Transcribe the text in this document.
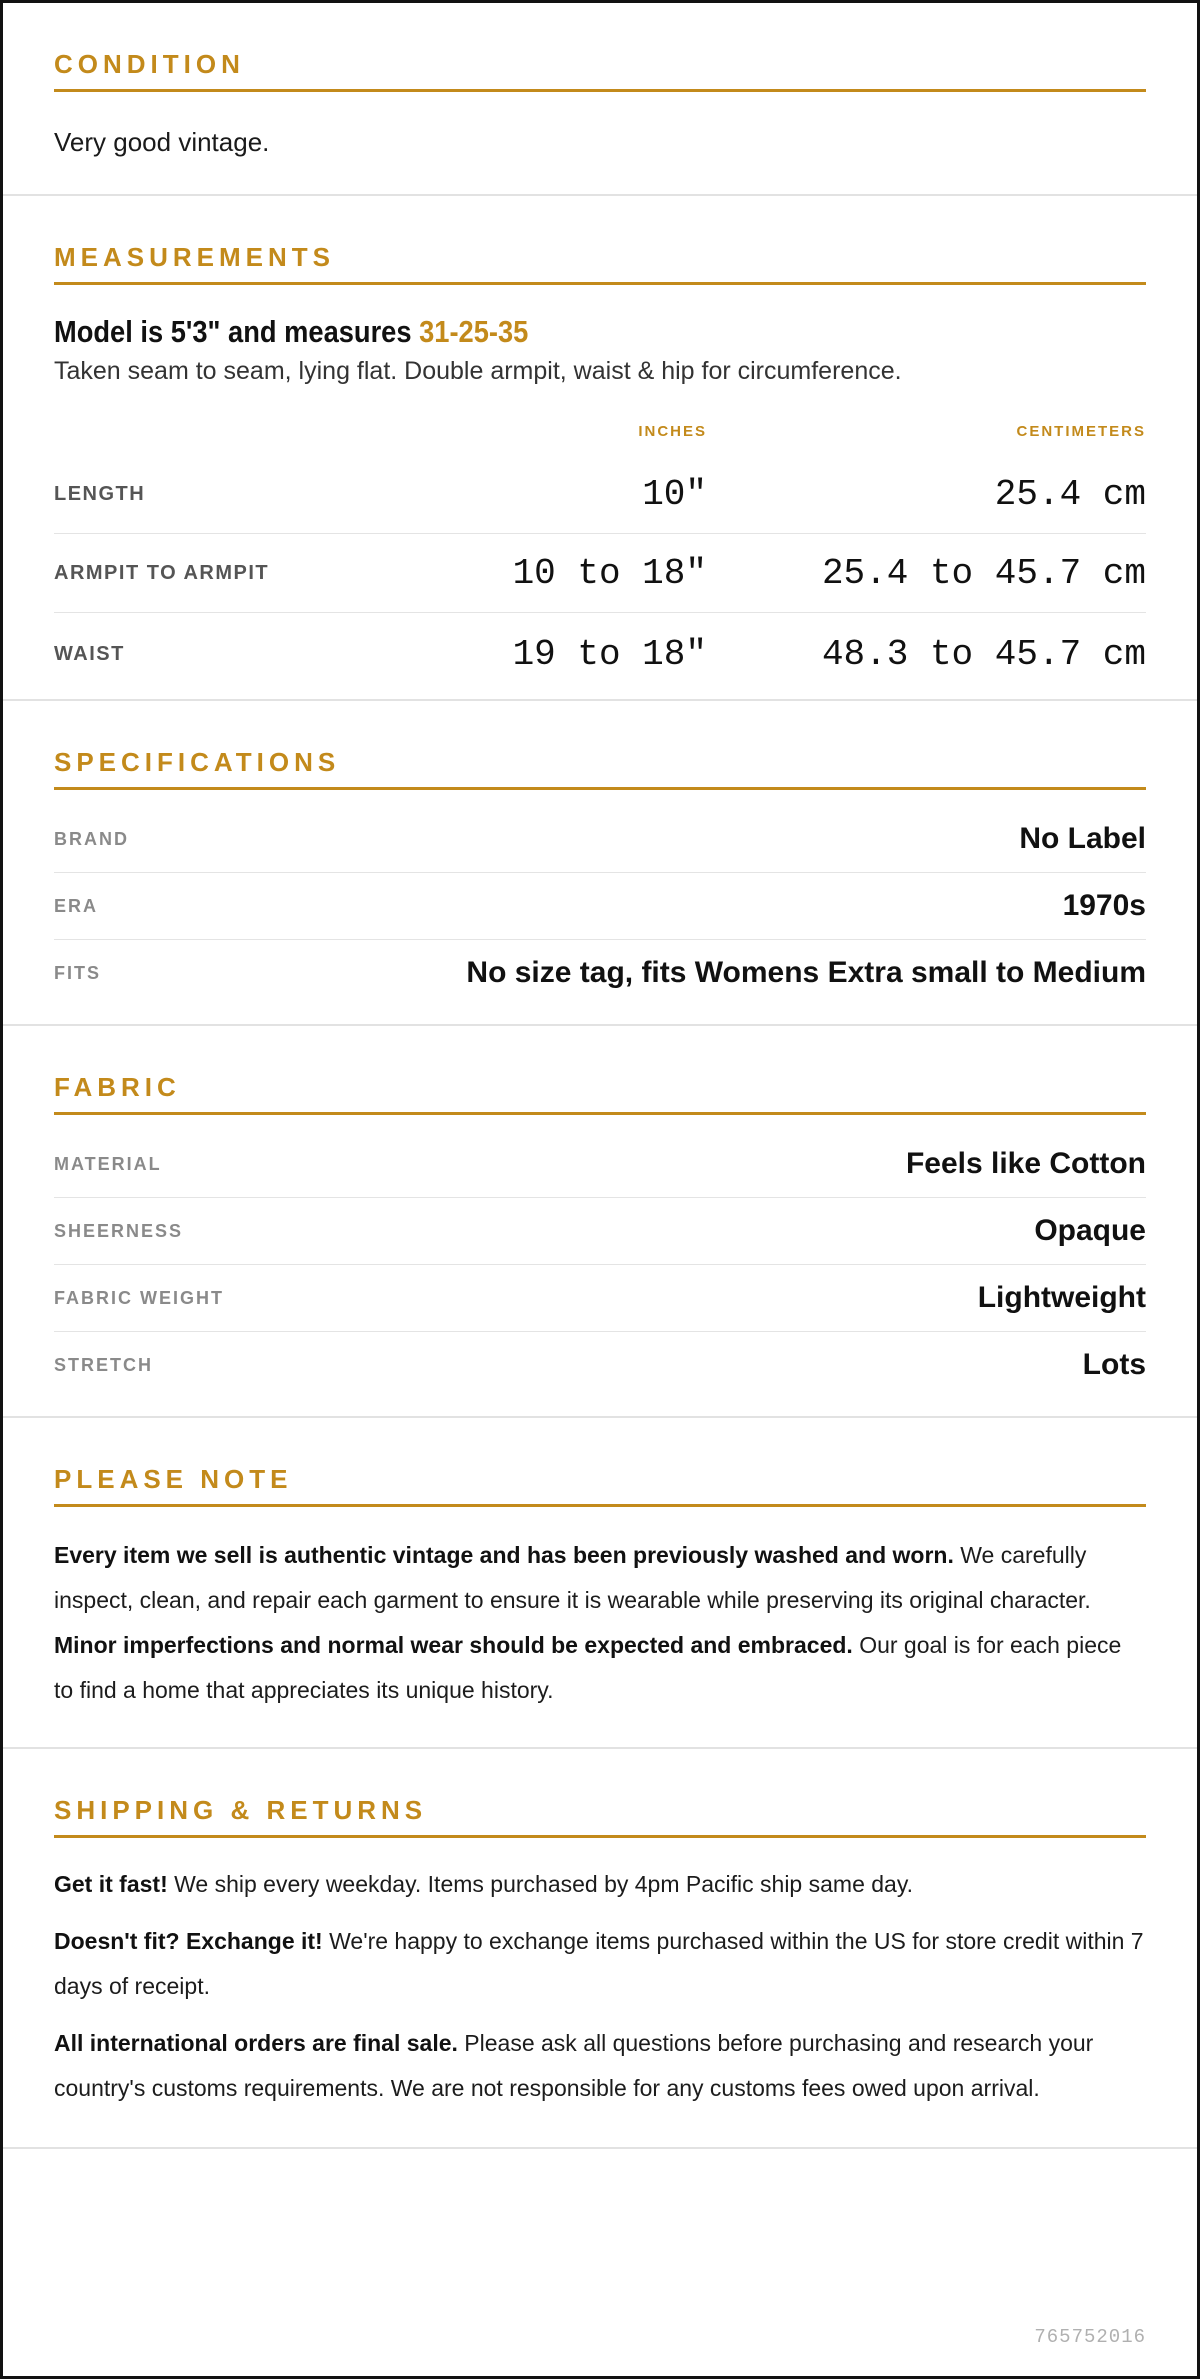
CONDITION
Very good vintage.
MEASUREMENTS
Model is 5'3" and measures 31-25-35
Taken seam to seam, lying flat. Double armpit, waist & hip for circumference.
INCHES	CENTIMETERS
LENGTH	10"	25.4 cm
ARMPIT TO ARMPIT	10 to 18"	25.4 to 45.7 cm
WAIST	19 to 18"	48.3 to 45.7 cm
SPECIFICATIONS
BRAND	No Label
ERA	1970s
FITS	No size tag, fits Womens Extra small to Medium
FABRIC
MATERIAL	Feels like Cotton
SHEERNESS	Opaque
FABRIC WEIGHT	Lightweight
STRETCH	Lots
PLEASE NOTE
Every item we sell is authentic vintage and has been previously washed and worn. We carefully inspect, clean, and repair each garment to ensure it is wearable while preserving its original character. Minor imperfections and normal wear should be expected and embraced. Our goal is for each piece to find a home that appreciates its unique history.
SHIPPING & RETURNS
Get it fast! We ship every weekday. Items purchased by 4pm Pacific ship same day.
Doesn't fit? Exchange it! We're happy to exchange items purchased within the US for store credit within 7 days of receipt.
All international orders are final sale. Please ask all questions before purchasing and research your country's customs requirements. We are not responsible for any customs fees owed upon arrival.
765752016
